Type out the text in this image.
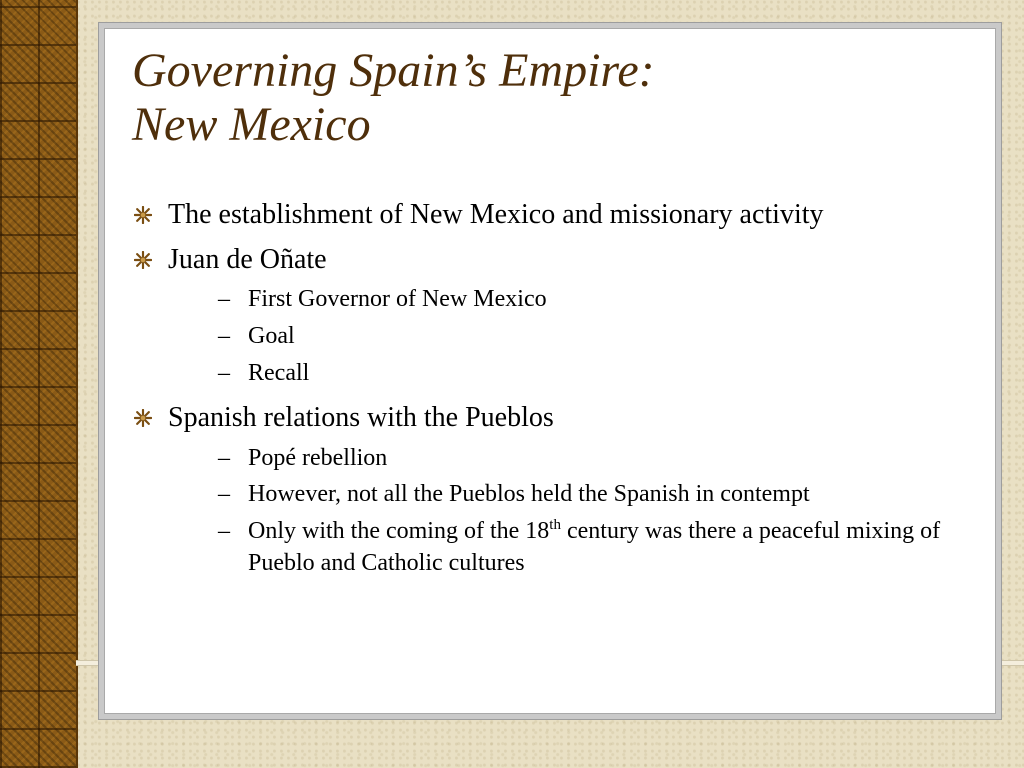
Governing Spain’s Empire:
New Mexico
The establishment of New Mexico and missionary activity
Juan de Oñate
– First Governor of New Mexico
– Goal
– Recall
Spanish relations with the Pueblos
– Popé rebellion
– However, not all the Pueblos held the Spanish in contempt
– Only with the coming of the 18th century was there a peaceful mixing of Pueblo and Catholic cultures
